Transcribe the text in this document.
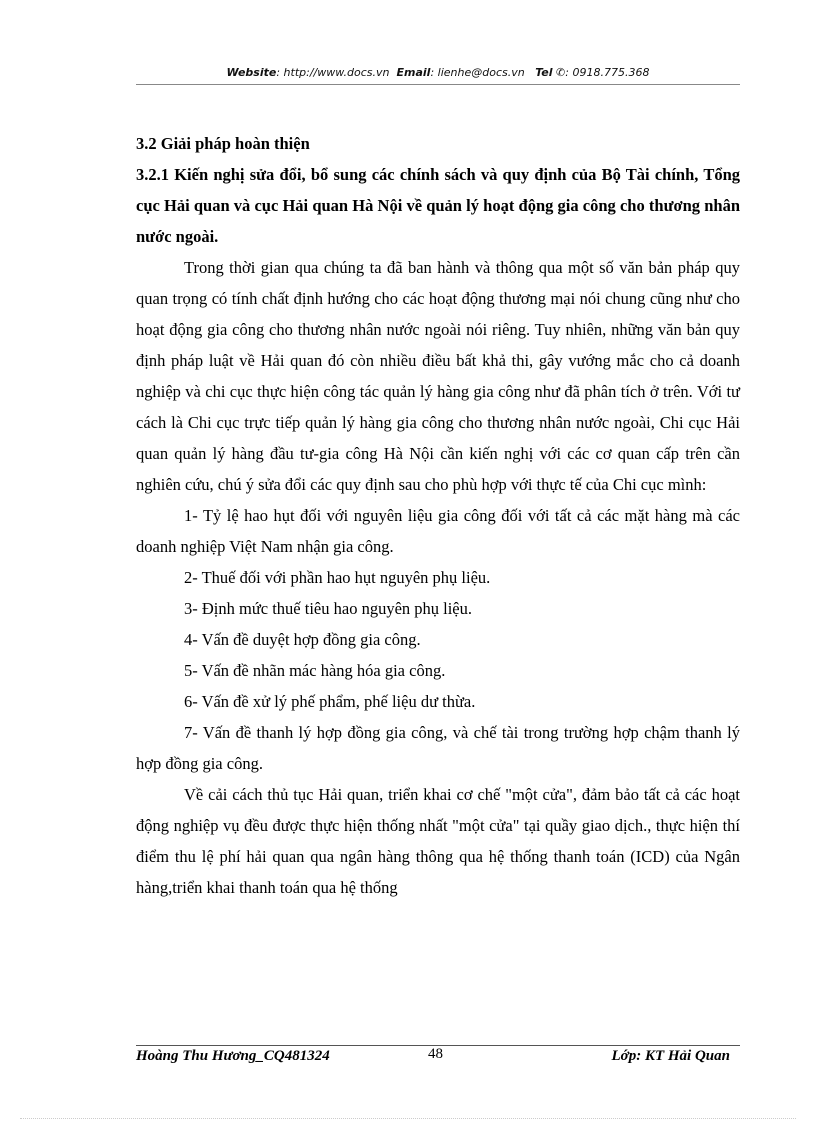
Website: http://www.docs.vn Email: lienhe@docs.vn Tel ✆: 0918.775.368

3.2 Giải pháp hoàn thiện

3.2.1 Kiến nghị sửa đổi, bổ sung các chính sách và quy định của Bộ Tài chính, Tổng cục Hải quan và cục Hải quan Hà Nội về quản lý hoạt động gia công cho thương nhân nước ngoài.

Trong thời gian qua chúng ta đã ban hành và thông qua một số văn bản pháp quy quan trọng có tính chất định hướng cho các hoạt động thương mại nói chung cũng như cho hoạt động gia công cho thương nhân nước ngoài nói riêng. Tuy nhiên, những văn bản quy định pháp luật về Hải quan đó còn nhiều điều bất khả thi, gây vướng mắc cho cả doanh nghiệp và chi cục thực hiện công tác quản lý hàng gia công như đã phân tích ở trên. Với tư cách là Chi cục trực tiếp quản lý hàng gia công cho thương nhân nước ngoài, Chi cục Hải quan quản lý hàng đầu tư-gia công Hà Nội cần kiến nghị với các cơ quan cấp trên cần nghiên cứu, chú ý sửa đổi các quy định sau cho phù hợp với thực tế của Chi cục mình:

1- Tỷ lệ hao hụt đối với nguyên liệu gia công đối với tất cả các mặt hàng mà các doanh nghiệp Việt Nam nhận gia công.

2- Thuế đối với phần hao hụt nguyên phụ liệu.

3- Định mức thuế tiêu hao nguyên phụ liệu.

4- Vấn đề duyệt hợp đồng gia công.

5- Vấn đề nhãn mác hàng hóa gia công.

6- Vấn đề xử lý phế phẩm, phế liệu dư thừa.

7- Vấn đề thanh lý hợp đồng gia công, và chế tài trong trường hợp chậm thanh lý hợp đồng gia công.

Về cải cách thủ tục Hải quan, triển khai cơ chế "một cửa", đảm bảo tất cả các hoạt động nghiệp vụ đều được thực hiện thống nhất "một cửa" tại quầy giao dịch., thực hiện thí điểm thu lệ phí hải quan qua ngân hàng thông qua hệ thống thanh toán (ICD) của Ngân hàng,triển khai thanh toán qua hệ thống

Hoàng Thu Hương_CQ481324	48	Lớp: KT Hải Quan
